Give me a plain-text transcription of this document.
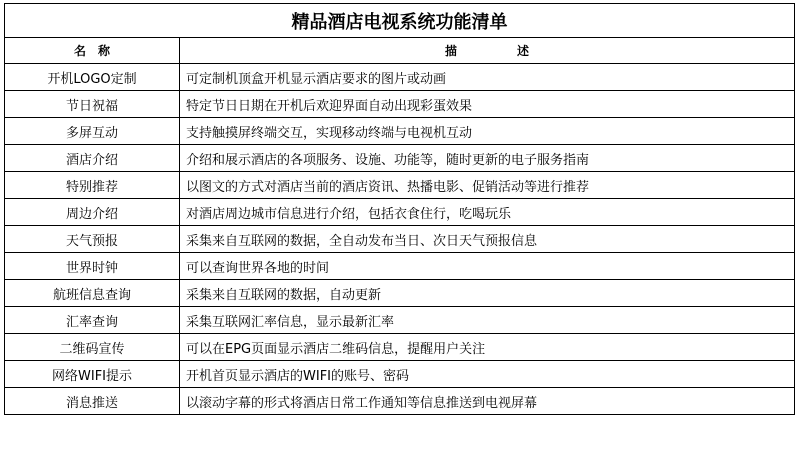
精品酒店电视系统功能清单	
名　称	描　　　　　述
开机LOGO定制	可定制机顶盒开机显示酒店要求的图片或动画
节日祝福	特定节日日期在开机后欢迎界面自动出现彩蛋效果
多屏互动	支持触摸屏终端交互，实现移动终端与电视机互动
酒店介绍	介绍和展示酒店的各项服务、设施、功能等，随时更新的电子服务指南
特别推荐	以图文的方式对酒店当前的酒店资讯、热播电影、促销活动等进行推荐
周边介绍	对酒店周边城市信息进行介绍，包括衣食住行，吃喝玩乐
天气预报	采集来自互联网的数据，全自动发布当日、次日天气预报信息
世界时钟	可以查询世界各地的时间
航班信息查询	采集来自互联网的数据，自动更新
汇率查询	采集互联网汇率信息，显示最新汇率
二维码宣传	可以在EPG页面显示酒店二维码信息，提醒用户关注
网络WIFI提示	开机首页显示酒店的WIFI的账号、密码
消息推送	以滚动字幕的形式将酒店日常工作通知等信息推送到电视屏幕
